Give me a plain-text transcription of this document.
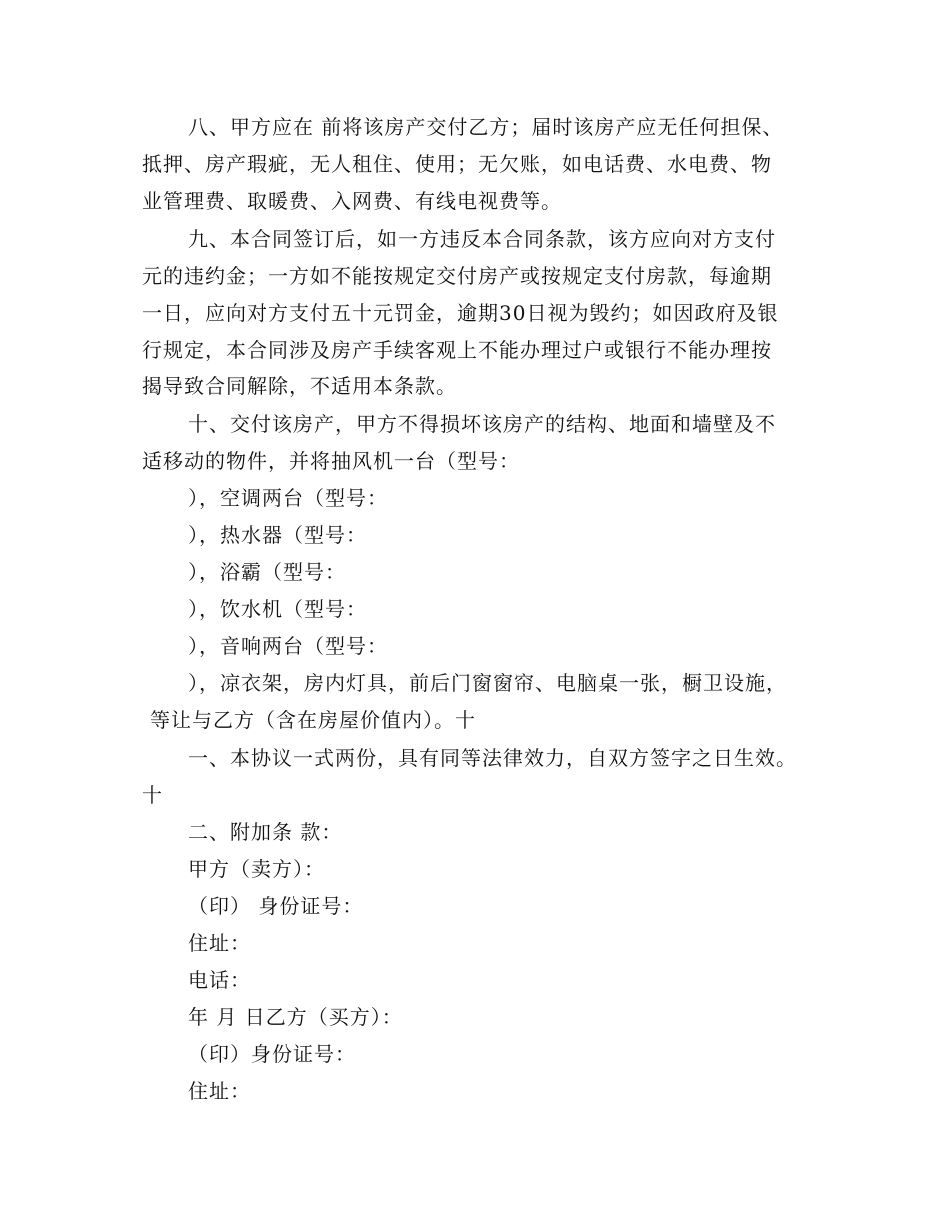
八、甲方应在 前将该房产交付乙方；届时该房产应无任何担保、
抵押、房产瑕疵，无人租住、使用；无欠账，如电话费、水电费、物
业管理费、取暖费、入网费、有线电视费等。
九、本合同签订后，如一方违反本合同条款，该方应向对方支付
元的违约金；一方如不能按规定交付房产或按规定支付房款，每逾期
一日，应向对方支付五十元罚金，逾期30日视为毁约；如因政府及银
行规定，本合同涉及房产手续客观上不能办理过户或银行不能办理按
揭导致合同解除，不适用本条款。
十、交付该房产，甲方不得损坏该房产的结构、地面和墙壁及不
适移动的物件，并将抽风机一台（型号：
），空调两台（型号：
），热水器（型号：
），浴霸（型号：
），饮水机（型号：
），音响两台（型号：
），凉衣架，房内灯具，前后门窗窗帘、电脑桌一张，橱卫设施，
等让与乙方（含在房屋价值内）。十
一、本协议一式两份，具有同等法律效力，自双方签字之日生效。
十
二、附加条 款：
甲方（卖方）：
（印） 身份证号：
住址：
电话：
年 月 日乙方（买方）：
（印）身份证号：
住址：
